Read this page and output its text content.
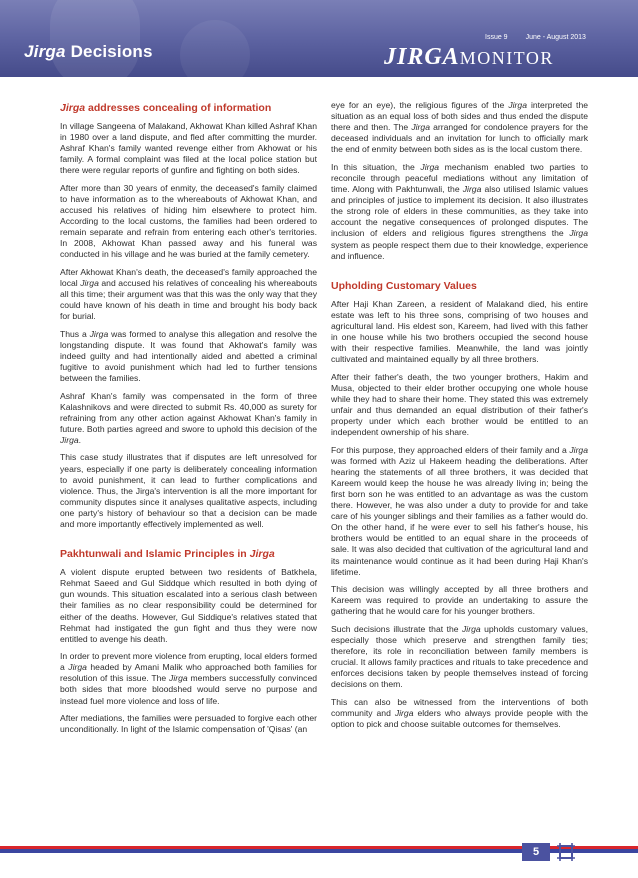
Jirga Decisions
Issue 9	June - August 2013
JIRGAMONITOR
Jirga addresses concealing of information

In village Sangeena of Malakand, Akhowat Khan killed Ashraf Khan in 1980 over a land dispute, and fled after committing the murder. Ashraf Khan's family wanted revenge either from Akhowat or his family. A formal complaint was filed at the local police station but there were regular reports of gunfire and fighting on both sides.

After more than 30 years of enmity, the deceased's family claimed to have information as to the whereabouts of Akhowat Khan, and accused his relatives of hiding him elsewhere to protect him. According to the local customs, the families had been ordered to remain separate and refrain from entering each other's territories. In 2008, Akhowat Khan passed away and his funeral was conducted in his village and he was buried at the family cemetery.

After Akhowat Khan's death, the deceased's family approached the local Jirga and accused his relatives of concealing his whereabouts all this time; their argument was that this was the only way that they could have known of his death in time and brought his body back for burial.

Thus a Jirga was formed to analyse this allegation and resolve the longstanding dispute. It was found that Akhowat's family was indeed guilty and had intentionally aided and abetted a criminal fugitive to avoid punishment which had led to further tensions between the families.

Ashraf Khan's family was compensated in the form of three Kalashnikovs and were directed to submit Rs. 40,000 as surety for refraining from any other action against Akhowat Khan's family in future. Both parties agreed and swore to uphold this decision of the Jirga.

This case study illustrates that if disputes are left unresolved for years, especially if one party is deliberately concealing information to avoid punishment, it can lead to further complications and violence. Thus, the Jirga's intervention is all the more important for community disputes since it analyses qualitative aspects, including one party's history of behaviour so that a decision can be made and more importantly effectively implemented as well.

Pakhtunwali and Islamic Principles in Jirga

A violent dispute erupted between two residents of Batkhela, Rehmat Saeed and Gul Siddque which resulted in both dying of gun wounds. This situation escalated into a serious clash between their families as no clear responsibility could be determined for either of the deaths. However, Gul Siddique's relatives stated that Rehmat had instigated the gun fight and thus they were now entitled to avenge his death.

In order to prevent more violence from erupting, local elders formed a Jirga headed by Amani Malik who approached both families for resolution of this issue. The Jirga members successfully convinced both sides that more bloodshed would serve no purpose and instead fuel more violence and loss of life.

After mediations, the families were persuaded to forgive each other unconditionally. In light of the Islamic compensation of 'Qisas' (an

eye for an eye), the religious figures of the Jirga interpreted the situation as an equal loss of both sides and thus ended the dispute there and then. The Jirga arranged for condolence prayers for the deceased individuals and an invitation for lunch to officially mark the end of enmity between both sides as is the local custom there.

In this situation, the Jirga mechanism enabled two parties to reconcile through peaceful mediations without any limitation of time. Along with Pakhtunwali, the Jirga also utilised Islamic values and principles of justice to implement its decision. It also illustrates the strong role of elders in these communities, as they take into account the negative consequences of prolonged disputes. The inclusion of elders and religious figures strengthens the Jirga system as people respect them due to their knowledge, experience and influence.

Upholding Customary Values

After Haji Khan Zareen, a resident of Malakand died, his entire estate was left to his three sons, comprising of two houses and agricultural land. His eldest son, Kareem, had lived with this father in one house while his two brothers occupied the second house with their respective families. Meanwhile, the land was jointly cultivated and maintained equally by all three brothers.

After their father's death, the two younger brothers, Hakim and Musa, objected to their elder brother occupying one whole house while they had to share their home. They stated this was extremely unfair and thus demanded an equal distribution of their father's property under which each brother would be entitled to an independent ownership of his share.

For this purpose, they approached elders of their family and a Jirga was formed with Aziz ul Hakeem heading the deliberations. After hearing the statements of all three brothers, it was decided that Kareem would keep the house he was already living in; being the first born son he was entitled to an advantage as was the custom there. However, he was also under a duty to provide for and take care of his younger siblings and their families as a father would do. On the other hand, if he were ever to sell his father's house, his brothers would be entitled to an equal share in the proceeds of sale. It was also decided that cultivation of the agricultural land and its maintenance would continue as it had been during Haji Khan's lifetime.

This decision was willingly accepted by all three brothers and Kareem was required to provide an undertaking to assure the gathering that he would care for his younger brothers.

Such decisions illustrate that the Jirga upholds customary values, especially those which preserve and strengthen family ties; therefore, its role in reconciliation between family members is crucial. It allows family practices and rituals to take precedence and enforces decisions taken by people themselves instead of forcing decisions on them.

This can also be witnessed from the interventions of both community and Jirga elders who always provide people with the option to pick and choose suitable outcomes for themselves.

5
